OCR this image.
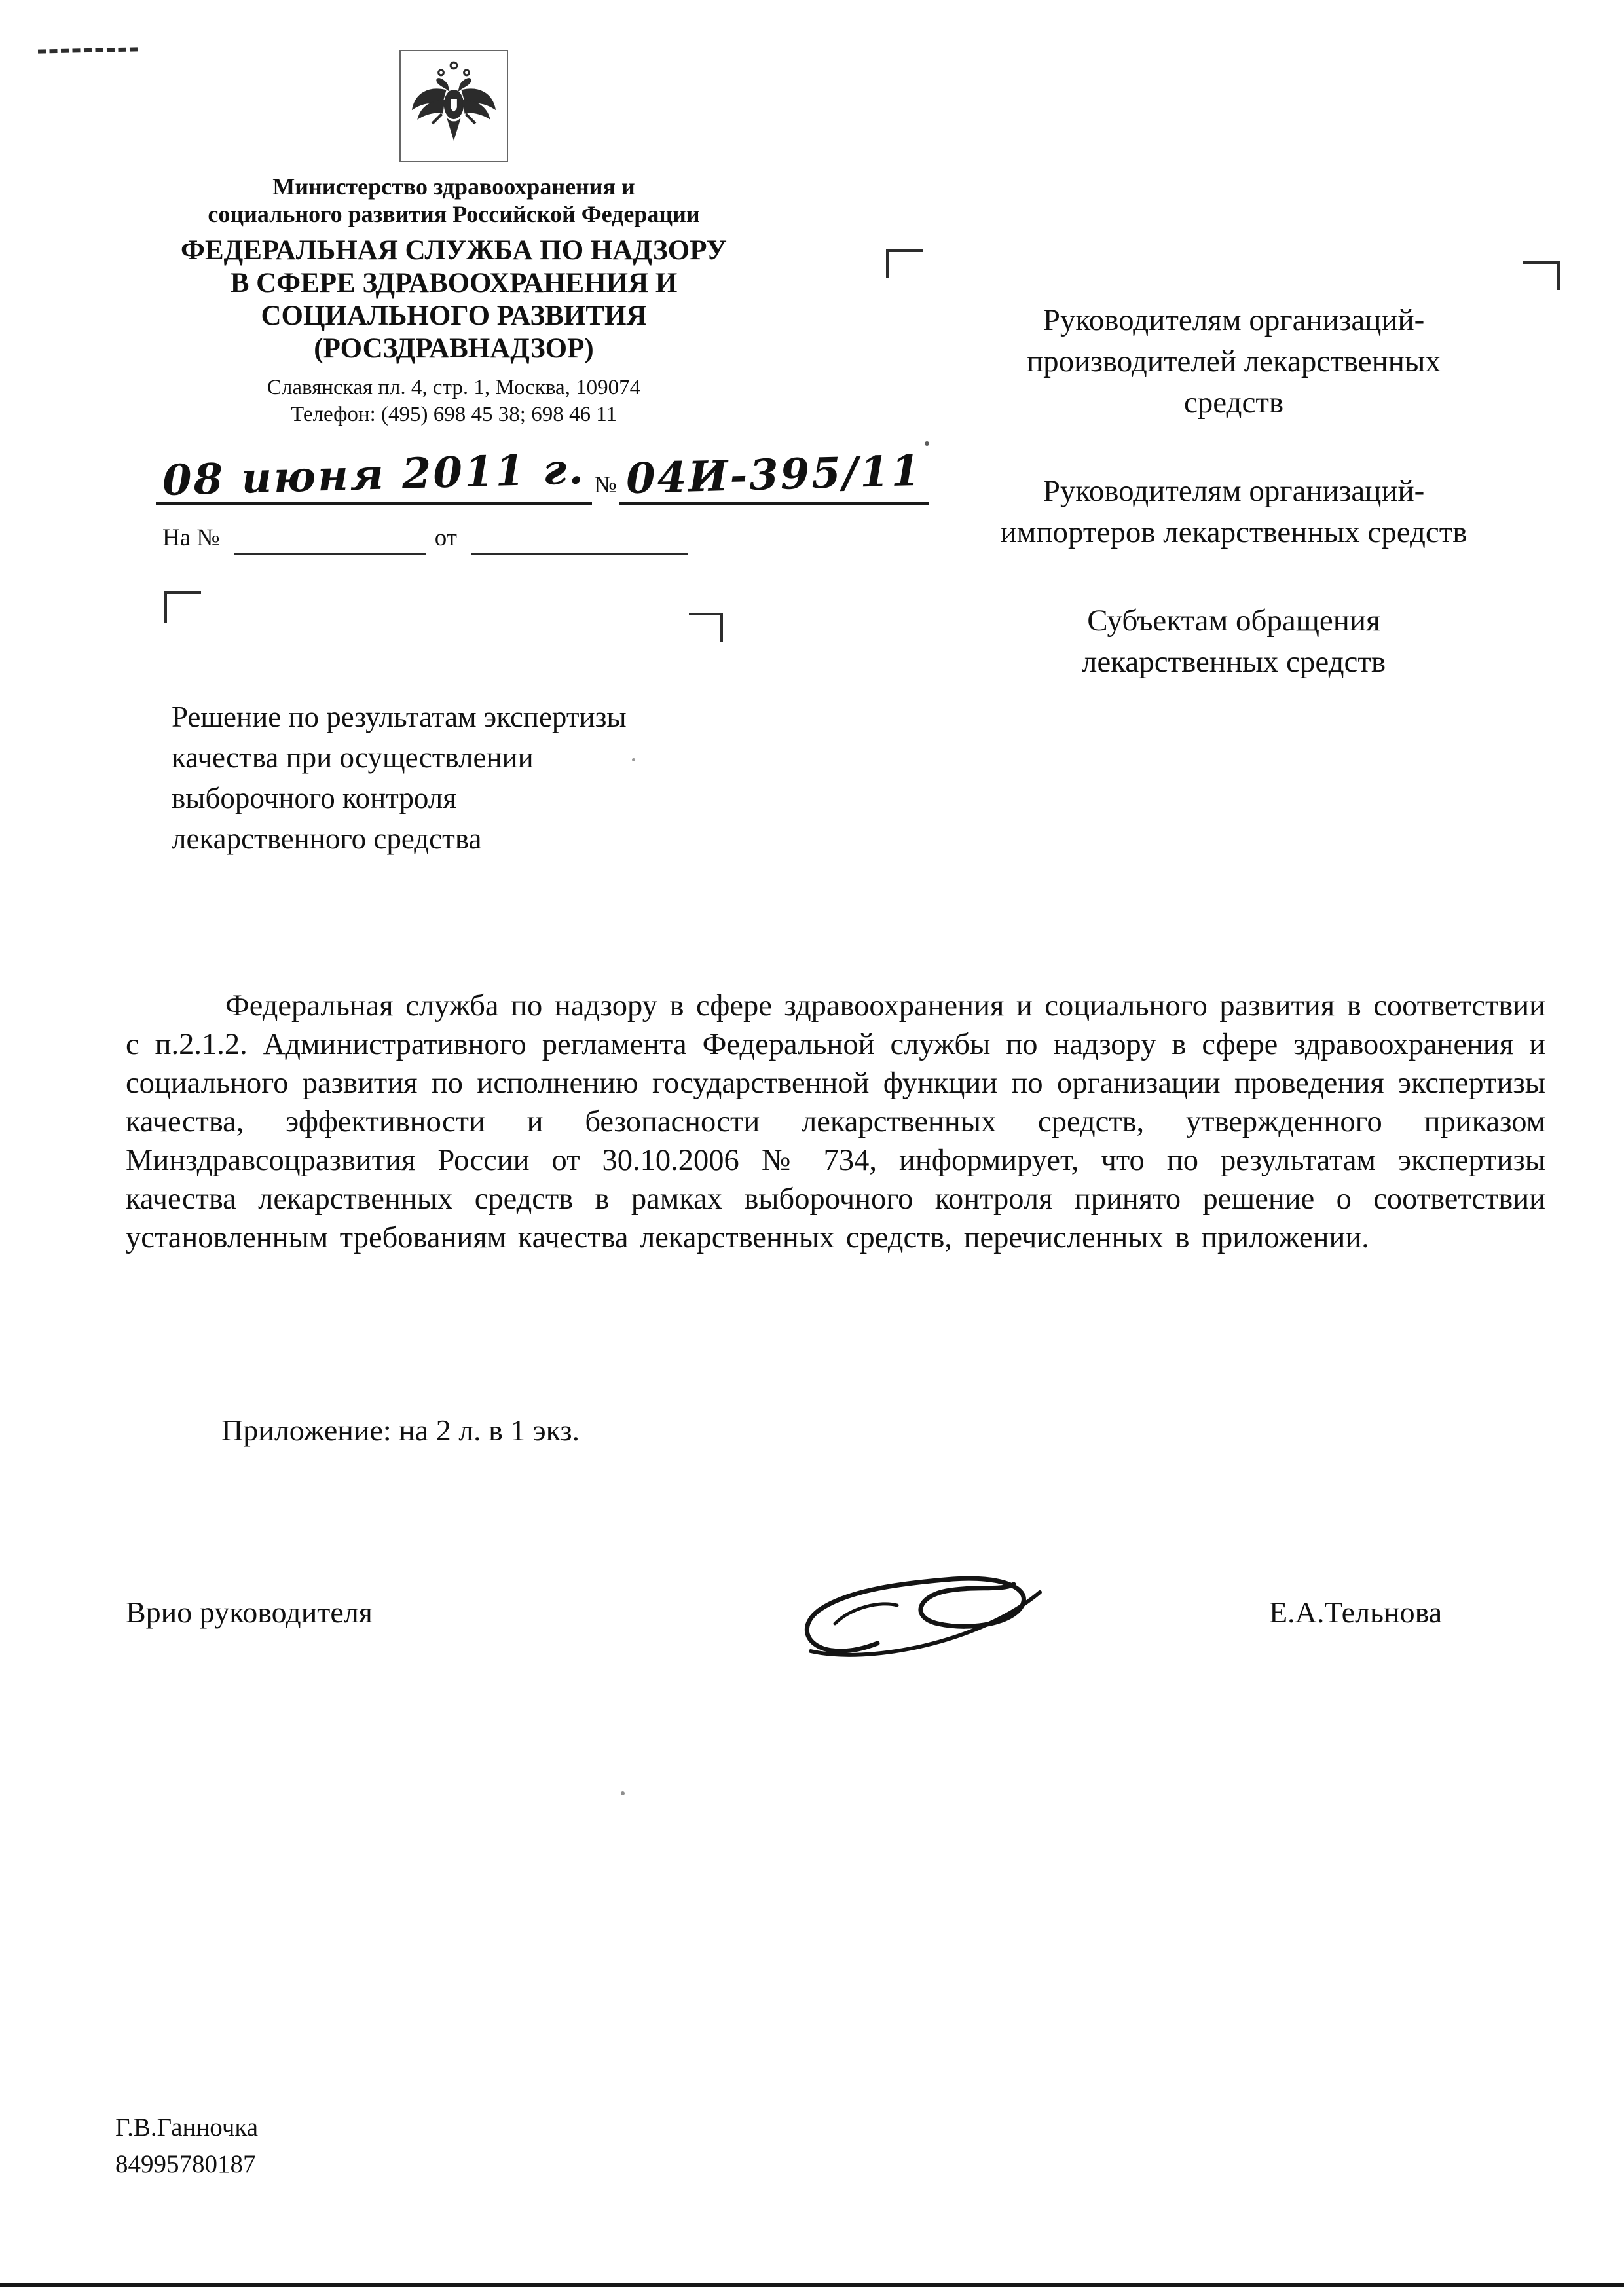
Министерство здравоохранения и
социального развития Российской Федерации
ФЕДЕРАЛЬНАЯ СЛУЖБА ПО НАДЗОРУ
В СФЕРЕ ЗДРАВООХРАНЕНИЯ И
СОЦИАЛЬНОГО РАЗВИТИЯ
(РОСЗДРАВНАДЗОР)
Славянская пл. 4, стр. 1, Москва, 109074
Телефон: (495) 698 45 38; 698 46 11
08 июня 2011 г. № 04И-395/11
На №	от
Руководителям организаций-
производителей лекарственных
средств
Руководителям организаций-
импортеров лекарственных средств
Субъектам обращения
лекарственных средств
Решение по результатам экспертизы
качества при осуществлении
выборочного контроля
лекарственного средства

Федеральная служба по надзору в сфере здравоохранения и социального развития в соответствии с п.2.1.2. Административного регламента Федеральной службы по надзору в сфере здравоохранения и социального развития по исполнению государственной функции по организации проведения экспертизы качества, эффективности и безопасности лекарственных средств, утвержденного приказом Минздравсоцразвития России от 30.10.2006 № 734, информирует, что по результатам экспертизы качества лекарственных средств в рамках выборочного контроля принято решение о соответствии установленным требованиям качества лекарственных средств, перечисленных в приложении.

Приложение: на 2 л. в 1 экз.
Врио руководителя	Е.А.Тельнова
Г.В.Ганночка
84995780187
